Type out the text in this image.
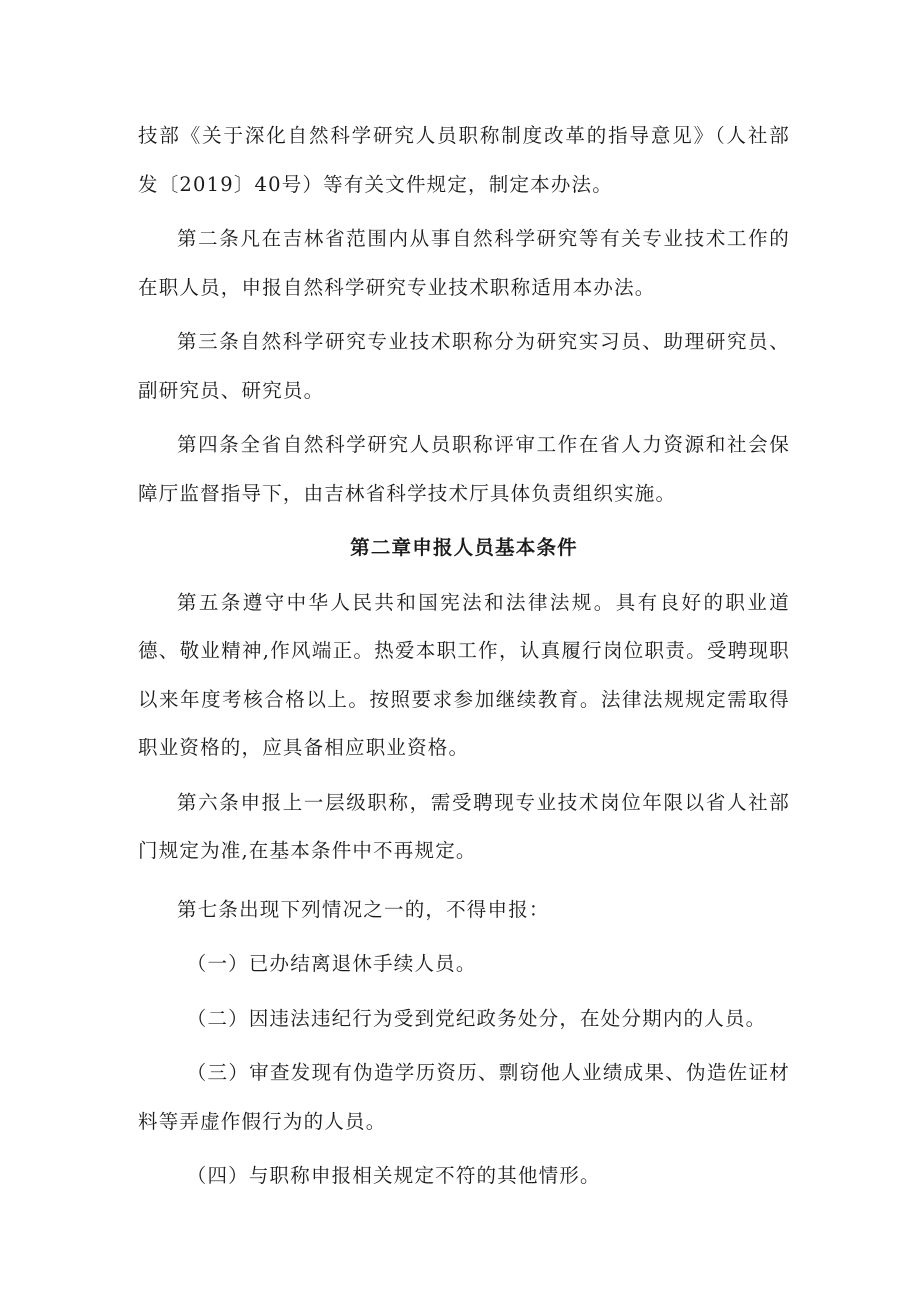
技部《关于深化自然科学研究人员职称制度改革的指导意见》（人社部发〔2019〕40号）等有关文件规定，制定本办法。

第二条凡在吉林省范围内从事自然科学研究等有关专业技术工作的在职人员，申报自然科学研究专业技术职称适用本办法。

第三条自然科学研究专业技术职称分为研究实习员、助理研究员、副研究员、研究员。

第四条全省自然科学研究人员职称评审工作在省人力资源和社会保障厅监督指导下，由吉林省科学技术厅具体负责组织实施。

第二章申报人员基本条件

第五条遵守中华人民共和国宪法和法律法规。具有良好的职业道德、敬业精神,作风端正。热爱本职工作，认真履行岗位职责。受聘现职以来年度考核合格以上。按照要求参加继续教育。法律法规规定需取得职业资格的，应具备相应职业资格。

第六条申报上一层级职称，需受聘现专业技术岗位年限以省人社部门规定为准,在基本条件中不再规定。

第七条出现下列情况之一的，不得申报：

（一）已办结离退休手续人员。

（二）因违法违纪行为受到党纪政务处分，在处分期内的人员。

（三）审查发现有伪造学历资历、剽窃他人业绩成果、伪造佐证材料等弄虚作假行为的人员。

（四）与职称申报相关规定不符的其他情形。
